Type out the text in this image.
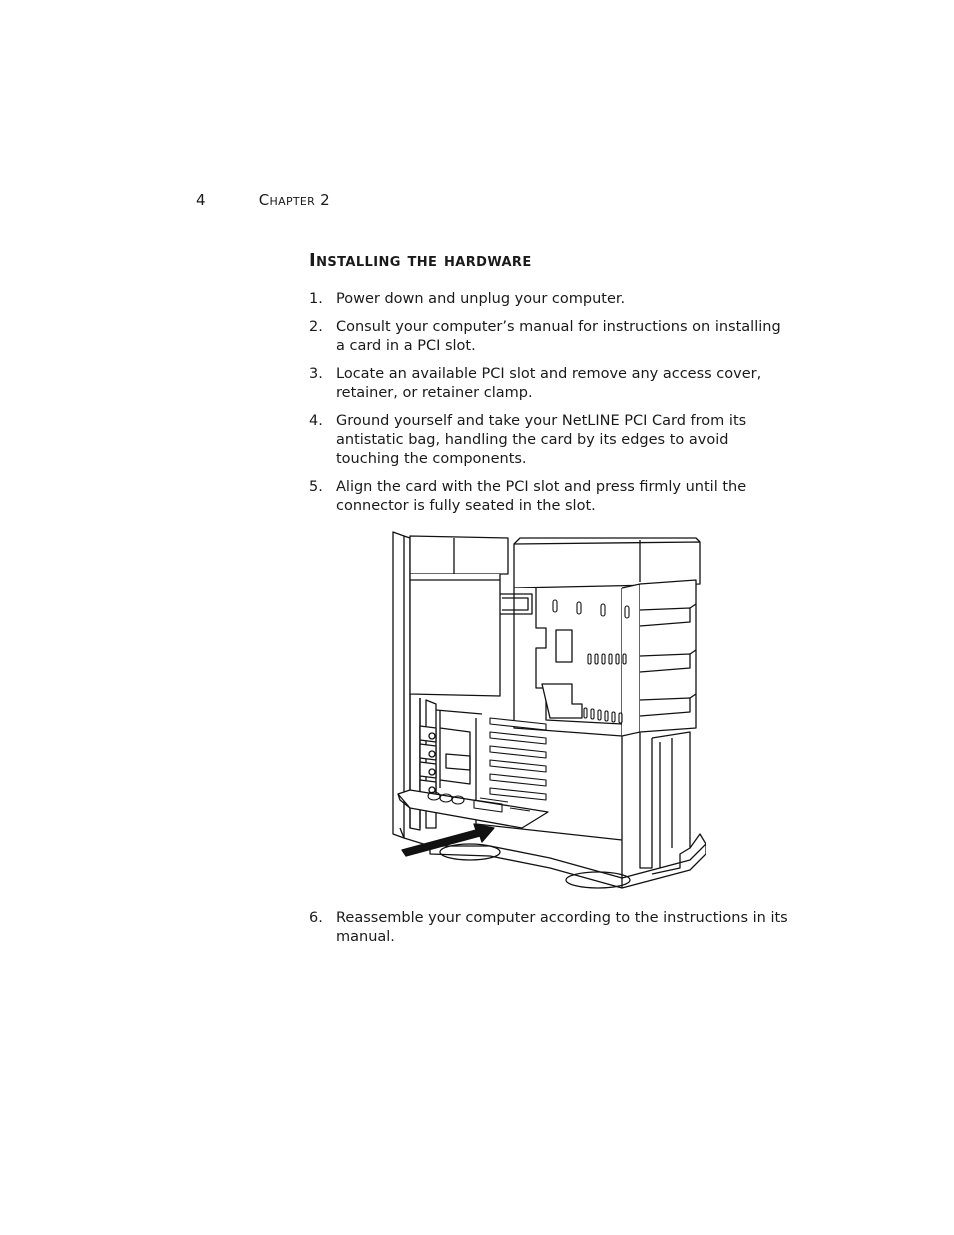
4	Chapter 2
Installing the hardware
1. Power down and unplug your computer.
2. Consult your computer’s manual for instructions on installing a card in a PCI slot.
3. Locate an available PCI slot and remove any access cover, retainer, or retainer clamp.
4. Ground yourself and take your NetLINE PCI Card from its antistatic bag, handling the card by its edges to avoid touching the components.
5. Align the card with the PCI slot and press firmly until the connector is fully seated in the slot.
6. Reassemble your computer according to the instructions in its manual.
